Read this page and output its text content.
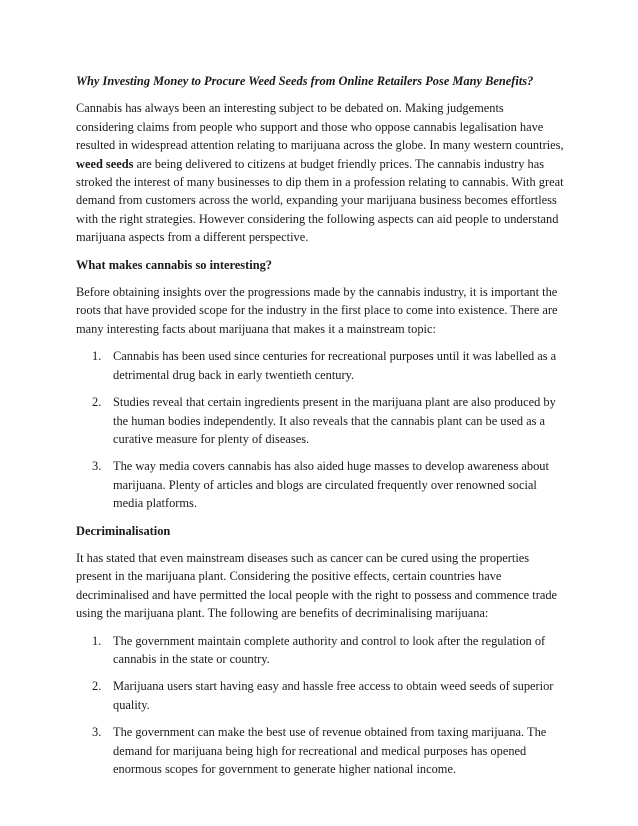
Why Investing Money to Procure Weed Seeds from Online Retailers Pose Many Benefits?

Cannabis has always been an interesting subject to be debated on. Making judgements considering claims from people who support and those who oppose cannabis legalisation have resulted in widespread attention relating to marijuana across the globe. In many western countries, weed seeds are being delivered to citizens at budget friendly prices. The cannabis industry has stroked the interest of many businesses to dip them in a profession relating to cannabis. With great demand from customers across the world, expanding your marijuana business becomes effortless with the right strategies. However considering the following aspects can aid people to understand marijuana aspects from a different perspective.

What makes cannabis so interesting?

Before obtaining insights over the progressions made by the cannabis industry, it is important the roots that have provided scope for the industry in the first place to come into existence. There are many interesting facts about marijuana that makes it a mainstream topic:

1. Cannabis has been used since centuries for recreational purposes until it was labelled as a detrimental drug back in early twentieth century.
2. Studies reveal that certain ingredients present in the marijuana plant are also produced by the human bodies independently. It also reveals that the cannabis plant can be used as a curative measure for plenty of diseases.
3. The way media covers cannabis has also aided huge masses to develop awareness about marijuana. Plenty of articles and blogs are circulated frequently over renowned social media platforms.

Decriminalisation

It has stated that even mainstream diseases such as cancer can be cured using the properties present in the marijuana plant. Considering the positive effects, certain countries have decriminalised and have permitted the local people with the right to possess and commence trade using the marijuana plant. The following are benefits of decriminalising marijuana:

1. The government maintain complete authority and control to look after the regulation of cannabis in the state or country.
2. Marijuana users start having easy and hassle free access to obtain weed seeds of superior quality.
3. The government can make the best use of revenue obtained from taxing marijuana. The demand for marijuana being high for recreational and medical purposes has opened enormous scopes for government to generate higher national income.
